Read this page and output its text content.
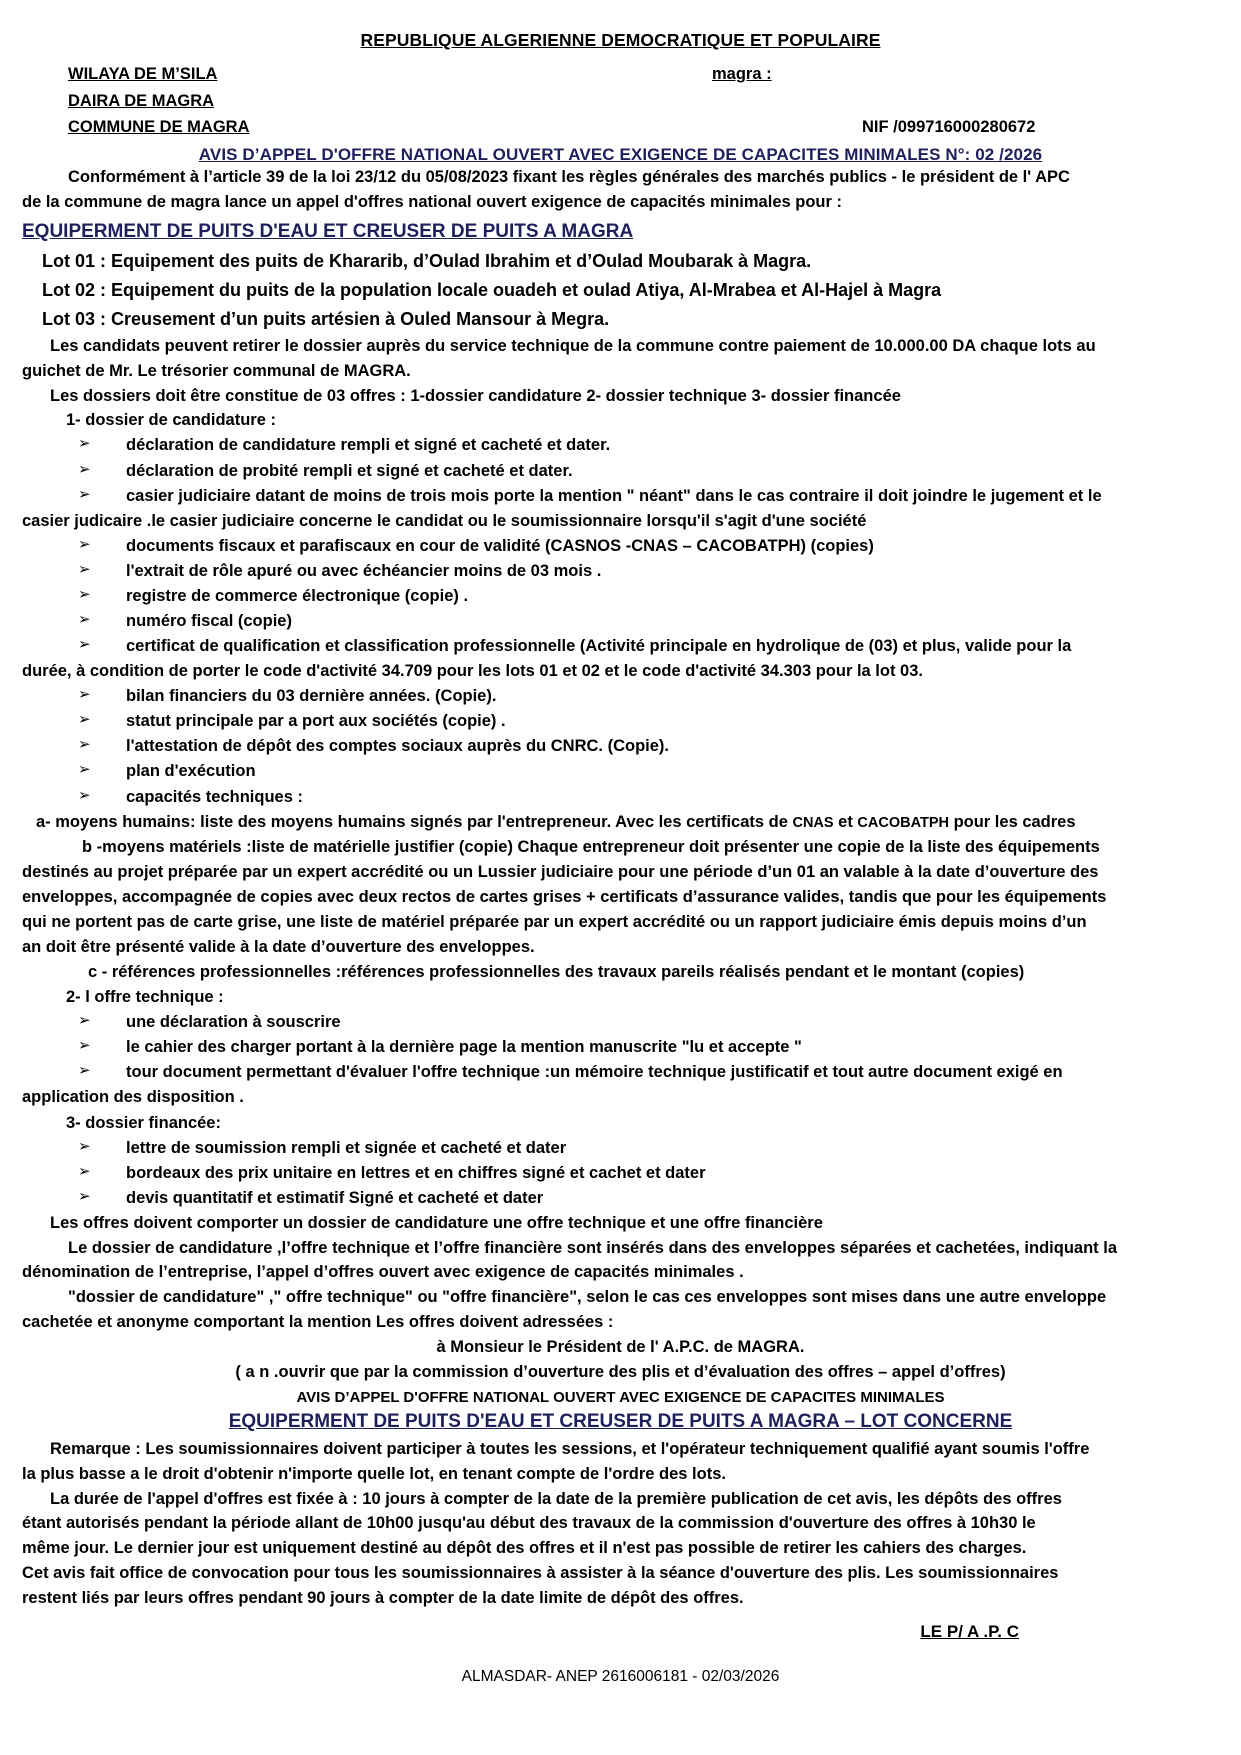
REPUBLIQUE ALGERIENNE DEMOCRATIQUE ET POPULAIRE
WILAYA DE M’SILA	magra :
DAIRA DE MAGRA
COMMUNE DE MAGRA	NIF /099716000280672
AVIS D’APPEL D'OFFRE NATIONAL OUVERT AVEC EXIGENCE DE CAPACITES MINIMALES N°: 02 /2026

Conformément à l’article 39 de la loi 23/12 du 05/08/2023 fixant les règles générales des marchés publics - le président de l' APC

de la commune de magra lance un appel d'offres national ouvert exigence de capacités minimales pour :

EQUIPERMENT DE PUITS D'EAU ET CREUSER DE PUITS A MAGRA

Lot 01 : Equipement des puits de Khararib, d’Oulad Ibrahim et d’Oulad Moubarak à Magra.

Lot 02 : Equipement du puits de la population locale ouadeh et oulad Atiya, Al-Mrabea et Al-Hajel à Magra

Lot 03 : Creusement d’un puits artésien à Ouled Mansour à Megra.

Les candidats peuvent retirer le dossier auprès du service technique de la commune contre paiement de 10.000.00 DA chaque lots au

guichet de Mr. Le trésorier communal de MAGRA.

Les dossiers doit être constitue de 03 offres : 1-dossier candidature 2- dossier technique 3- dossier financée

1- dossier de candidature :

➢ déclaration de candidature rempli et signé et cacheté et dater.
➢ déclaration de probité rempli et signé et cacheté et dater.
➢ casier judiciaire datant de moins de trois mois porte la mention " néant" dans le cas contraire il doit joindre le jugement et le
casier judicaire .le casier judiciaire concerne le candidat ou le soumissionnaire lorsqu'il s'agit d'une société
➢ documents fiscaux et parafiscaux en cour de validité (CASNOS -CNAS – CACOBATPH) (copies)
➢ l'extrait de rôle apuré ou avec échéancier moins de 03 mois .
➢ registre de commerce électronique (copie) .
➢ numéro fiscal (copie)
➢ certificat de qualification et classification professionnelle (Activité principale en hydrolique de (03) et plus, valide pour la
durée, à condition de porter le code d'activité 34.709 pour les lots 01 et 02 et le code d'activité 34.303 pour la lot 03.
➢ bilan financiers du 03 dernière années. (Copie).
➢ statut principale par a port aux sociétés (copie) .
➢ l'attestation de dépôt des comptes sociaux auprès du CNRC. (Copie).
➢ plan d'exécution
➢ capacités techniques :

a- moyens humains: liste des moyens humains signés par l'entrepreneur. Avec les certificats de CNAS et CACOBATPH pour les cadres

b -moyens matériels :liste de matérielle justifier (copie) Chaque entrepreneur doit présenter une copie de la liste des équipements

destinés au projet préparée par un expert accrédité ou un Lussier judiciaire pour une période d’un 01 an valable à la date d’ouverture des

enveloppes, accompagnée de copies avec deux rectos de cartes grises + certificats d’assurance valides, tandis que pour les équipements

qui ne portent pas de carte grise, une liste de matériel préparée par un expert accrédité ou un rapport judiciaire émis depuis moins d’un

an doit être présenté valide à la date d’ouverture des enveloppes.

c - références professionnelles :références professionnelles des travaux pareils réalisés pendant et le montant (copies)

2- l offre technique :

➢ une déclaration à souscrire
➢ le cahier des charger portant à la dernière page la mention manuscrite "lu et accepte "
➢ tour document permettant d'évaluer l'offre technique :un mémoire technique justificatif et tout autre document exigé en
application des disposition .

3- dossier financée:

➢ lettre de soumission rempli et signée et cacheté et dater
➢ bordeaux des prix unitaire en lettres et en chiffres signé et cachet et dater
➢ devis quantitatif et estimatif Signé et cacheté et dater

Les offres doivent comporter un dossier de candidature une offre technique et une offre financière

Le dossier de candidature ,l’offre technique et l’offre financière sont insérés dans des enveloppes séparées et cachetées, indiquant la

dénomination de l’entreprise, l’appel d’offres ouvert avec exigence de capacités minimales .

"dossier de candidature" ," offre technique" ou "offre financière", selon le cas ces enveloppes sont mises dans une autre enveloppe

cachetée et anonyme comportant la mention Les offres doivent adressées :

à Monsieur le Président de l' A.P.C. de MAGRA.
( a n .ouvrir que par la commission d’ouverture des plis et d’évaluation des offres – appel d’offres)
AVIS D’APPEL D'OFFRE NATIONAL OUVERT AVEC EXIGENCE DE CAPACITES MINIMALES
EQUIPERMENT DE PUITS D'EAU ET CREUSER DE PUITS A MAGRA – LOT CONCERNE

Remarque : Les soumissionnaires doivent participer à toutes les sessions, et l'opérateur techniquement qualifié ayant soumis l'offre

la plus basse a le droit d'obtenir n'importe quelle lot, en tenant compte de l'ordre des lots.

La durée de l'appel d'offres est fixée à : 10 jours à compter de la date de la première publication de cet avis, les dépôts des offres

étant autorisés pendant la période allant de 10h00 jusqu'au début des travaux de la commission d'ouverture des offres à 10h30 le

même jour. Le dernier jour est uniquement destiné au dépôt des offres et il n'est pas possible de retirer les cahiers des charges.

Cet avis fait office de convocation pour tous les soumissionnaires à assister à la séance d'ouverture des plis. Les soumissionnaires

restent liés par leurs offres pendant 90 jours à compter de la date limite de dépôt des offres.

LE P/ A .P. C
ALMASDAR- ANEP 2616006181 - 02/03/2026
